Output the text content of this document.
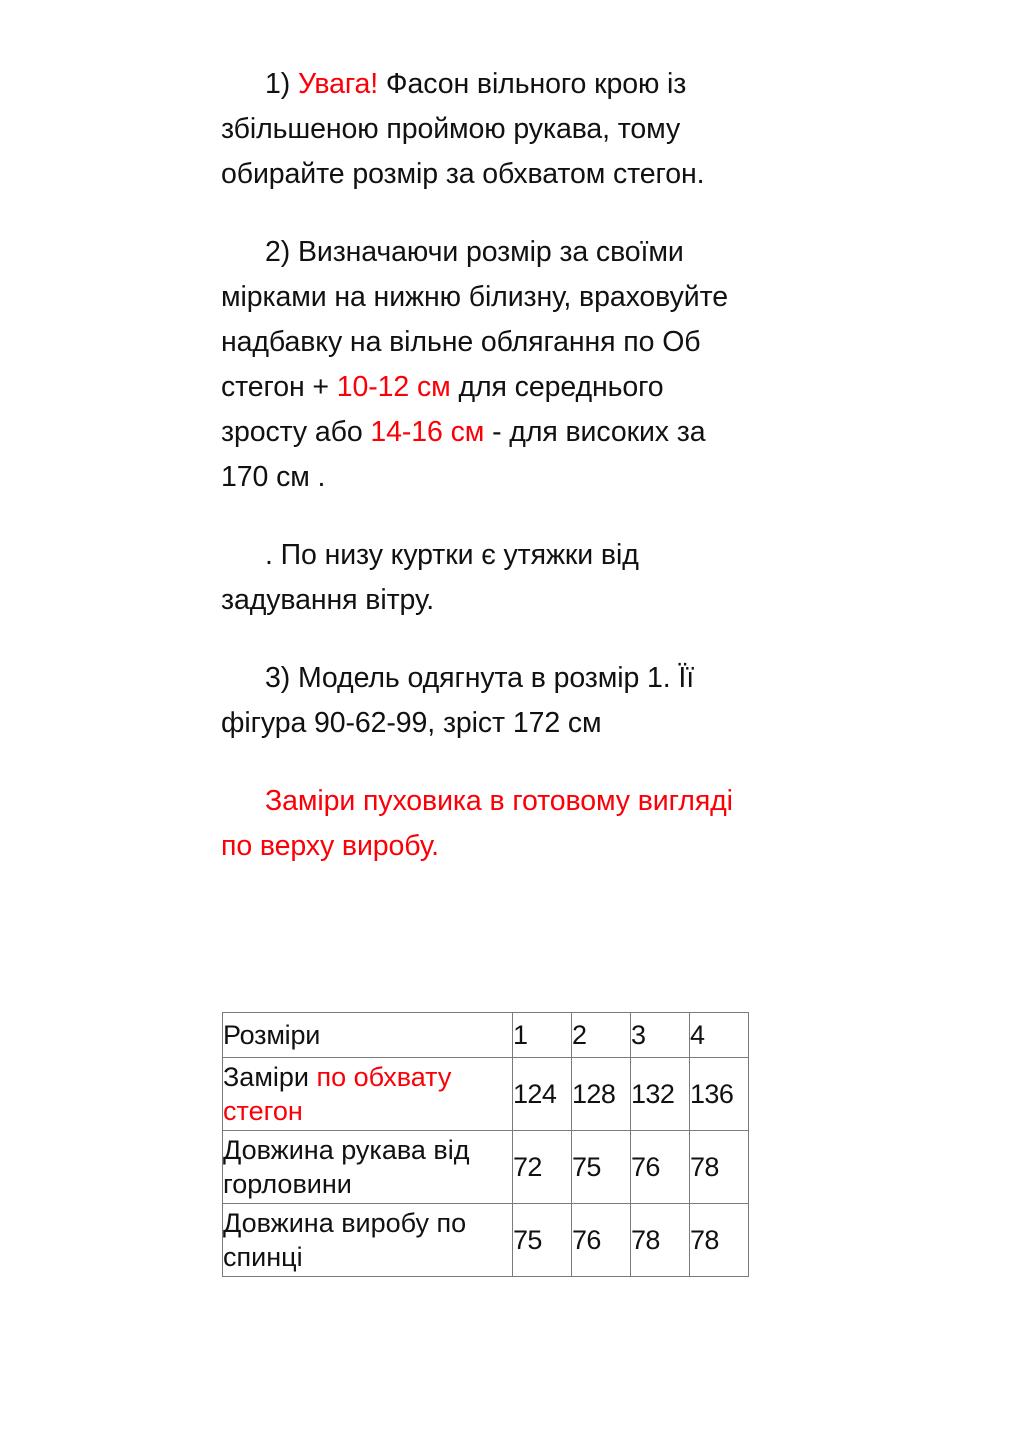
1) Увага! Фасон вільного крою із збільшеною проймою рукава, тому обирайте розмір за обхватом стегон.

2) Визначаючи розмір за своїми мірками на нижню білизну, враховуйте надбавку на вільне облягання по Об стегон + 10-12 см для середнього зросту або 14-16 см - для високих за 170 см .

. По низу куртки є утяжки від задування вітру.

3) Модель одягнута в розмір 1. Її фігура 90-62-99, зріст 172 см

Заміри пуховика в готовому вигляді по верху виробу.

Розміри	1	2	3	4
Заміри по обхвату стегон	124	128	132	136
Довжина рукава від горловини	72	75	76	78
Довжина виробу по спинці	75	76	78	78
